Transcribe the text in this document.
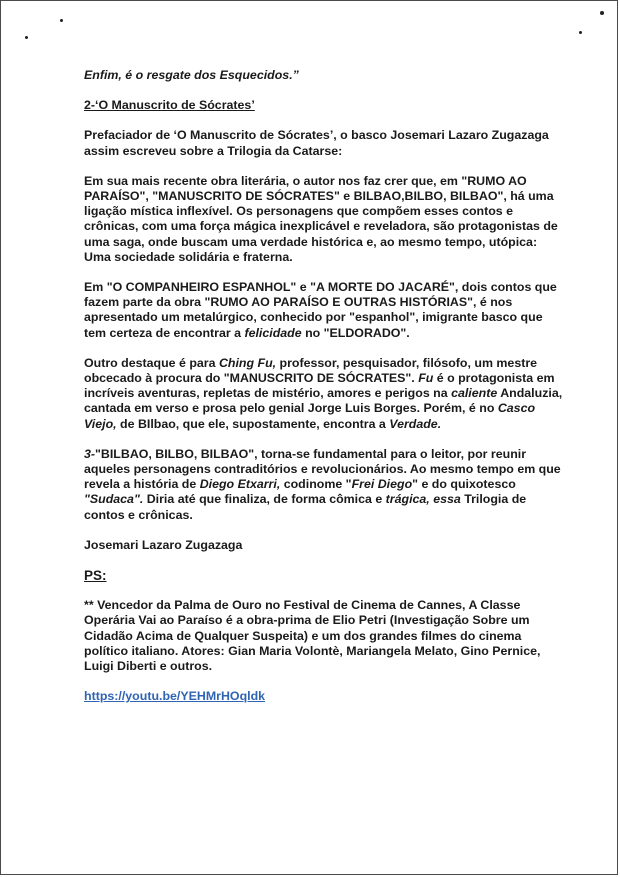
Enfim, é o resgate dos Esquecidos.”

2-‘O Manuscrito de Sócrates’

Prefaciador de ‘O Manuscrito de Sócrates’, o basco Josemari Lazaro Zugazaga assim escreveu sobre a Trilogia da Catarse:

Em sua mais recente obra literária, o autor nos faz crer que, em "RUMO AO PARAÍSO", "MANUSCRITO DE SÓCRATES" e BILBAO,BILBO, BILBAO", há uma ligação mística inflexível. Os personagens que compõem esses contos e crônicas, com uma força mágica inexplicável e reveladora, são protagonistas de uma saga, onde buscam uma verdade histórica e, ao mesmo tempo, utópica: Uma sociedade solidária e fraterna.

Em "O COMPANHEIRO ESPANHOL" e "A MORTE DO JACARÉ", dois contos que fazem parte da obra "RUMO AO PARAÍSO E OUTRAS HISTÓRIAS", é nos apresentado um metalúrgico, conhecido por "espanhol", imigrante basco que tem certeza de encontrar a felicidade no "ELDORADO".

Outro destaque é para Ching Fu, professor, pesquisador, filósofo, um mestre obcecado à procura do "MANUSCRITO DE SÓCRATES". Fu é o protagonista em incríveis aventuras, repletas de mistério, amores e perigos na caliente Andaluzia, cantada em verso e prosa pelo genial Jorge Luis Borges. Porém, é no Casco Viejo, de BIlbao, que ele, supostamente, encontra a Verdade.

3-"BILBAO, BILBO, BILBAO", torna-se fundamental para o leitor, por reunir aqueles personagens contraditórios e revolucionários. Ao mesmo tempo em que revela a história de Diego Etxarri, codinome "Frei Diego" e do quixotesco "Sudaca". Diria até que finaliza, de forma cômica e trágica, essa Trilogia de contos e crônicas.

Josemari Lazaro Zugazaga

PS:

** Vencedor da Palma de Ouro no Festival de Cinema de Cannes, A Classe Operária Vai ao Paraíso é a obra-prima de Elio Petri (Investigação Sobre um Cidadão Acima de Qualquer Suspeita) e um dos grandes filmes do cinema político italiano. Atores: Gian Maria Volontè, Mariangela Melato, Gino Pernice, Luigi Diberti e outros.

https://youtu.be/YEHMrHOqldk
